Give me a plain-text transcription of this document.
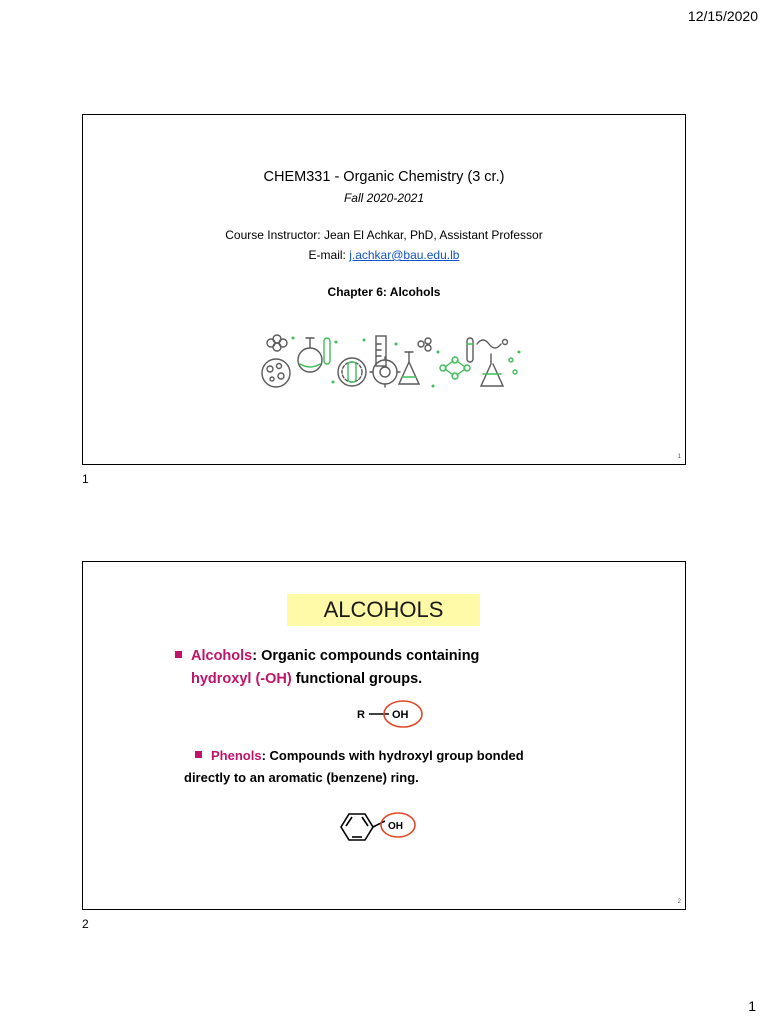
12/15/2020
CHEM331 - Organic Chemistry (3 cr.)
Fall 2020-2021
Course Instructor: Jean El Achkar, PhD, Assistant Professor
E-mail: j.achkar@bau.edu.lb
Chapter 6: Alcohols
1
1
ALCOHOLS
Alcohols: Organic compounds containing
hydroxyl (-OH) functional groups.
R OH
Phenols: Compounds with hydroxyl group bonded
directly to an aromatic (benzene) ring.
OH
2
2
1
